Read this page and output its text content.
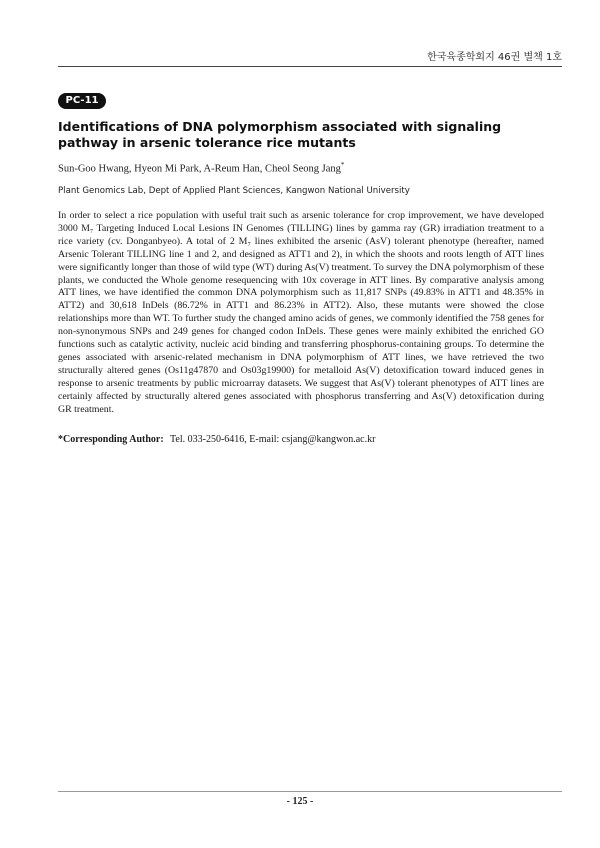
한국육종학회지 46권 별책 1호
PC-11
Identifications of DNA polymorphism associated with signaling pathway in arsenic tolerance rice mutants
Sun-Goo Hwang, Hyeon Mi Park, A-Reum Han, Cheol Seong Jang*
Plant Genomics Lab, Dept of Applied Plant Sciences, Kangwon National University
In order to select a rice population with useful trait such as arsenic tolerance for crop improvement, we have developed 3000 M₇ Targeting Induced Local Lesions IN Genomes (TILLING) lines by gamma ray (GR) irradiation treatment to a rice variety (cv. Donganbyeo). A total of 2 M₇ lines exhibited the arsenic (AsV) tolerant phenotype (hereafter, named Arsenic Tolerant TILLING line 1 and 2, and designed as ATT1 and 2), in which the shoots and roots length of ATT lines were significantly longer than those of wild type (WT) during As(V) treatment. To survey the DNA polymorphism of these plants, we conducted the Whole genome resequencing with 10x coverage in ATT lines. By comparative analysis among ATT lines, we have identified the common DNA polymorphism such as 11,817 SNPs (49.83% in ATT1 and 48.35% in ATT2) and 30,618 InDels (86.72% in ATT1 and 86.23% in ATT2). Also, these mutants were showed the close relationships more than WT. To further study the changed amino acids of genes, we commonly identified the 758 genes for non-synonymous SNPs and 249 genes for changed codon InDels. These genes were mainly exhibited the enriched GO functions such as catalytic activity, nucleic acid binding and transferring phosphorus-containing groups. To determine the genes associated with arsenic-related mechanism in DNA polymorphism of ATT lines, we have retrieved the two structurally altered genes (Os11g47870 and Os03g19900) for metalloid As(V) detoxification toward induced genes in response to arsenic treatments by public microarray datasets. We suggest that As(V) tolerant phenotypes of ATT lines are certainly affected by structurally altered genes associated with phosphorus transferring and As(V) detoxification during GR treatment.
*Corresponding Author: Tel. 033-250-6416, E-mail: csjang@kangwon.ac.kr
- 125 -
